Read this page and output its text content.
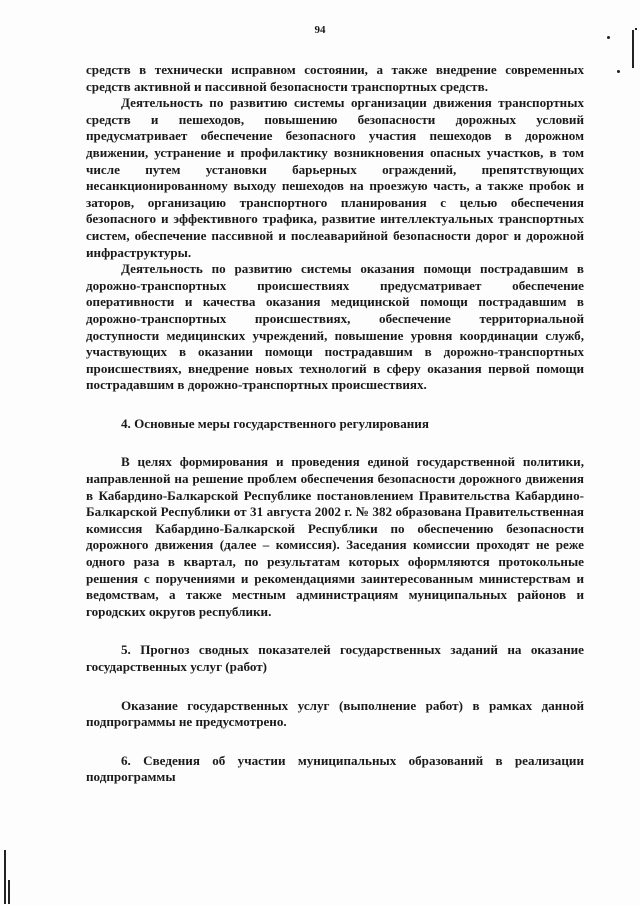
94

средств в технически исправном состоянии, а также внедрение современных средств активной и пассивной безопасности транспортных средств.

Деятельность по развитию системы организации движения транспортных средств и пешеходов, повышению безопасности дорожных условий предусматривает обеспечение безопасного участия пешеходов в дорожном движении, устранение и профилактику возникновения опасных участков, в том числе путем установки барьерных ограждений, препятствующих несанкционированному выходу пешеходов на проезжую часть, а также пробок и заторов, организацию транспортного планирования с целью обеспечения безопасного и эффективного трафика, развитие интеллектуальных транспортных систем, обеспечение пассивной и послеаварийной безопасности дорог и дорожной инфраструктуры.

Деятельность по развитию системы оказания помощи пострадавшим в дорожно-транспортных происшествиях предусматривает обеспечение оперативности и качества оказания медицинской помощи пострадавшим в дорожно-транспортных происшествиях, обеспечение территориальной доступности медицинских учреждений, повышение уровня координации служб, участвующих в оказании помощи пострадавшим в дорожно-транспортных происшествиях, внедрение новых технологий в сферу оказания первой помощи пострадавшим в дорожно-транспортных происшествиях.

4. Основные меры государственного регулирования

В целях формирования и проведения единой государственной политики, направленной на решение проблем обеспечения безопасности дорожного движения в Кабардино-Балкарской Республике постановлением Правительства Кабардино-Балкарской Республики от 31 августа 2002 г. № 382 образована Правительственная комиссия Кабардино-Балкарской Республики по обеспечению безопасности дорожного движения (далее – комиссия). Заседания комиссии проходят не реже одного раза в квартал, по результатам которых оформляются протокольные решения с поручениями и рекомендациями заинтересованным министерствам и ведомствам, а также местным администрациям муниципальных районов и городских округов республики.

5. Прогноз сводных показателей государственных заданий на оказание государственных услуг (работ)

Оказание государственных услуг (выполнение работ) в рамках данной подпрограммы не предусмотрено.

6. Сведения об участии муниципальных образований в реализации подпрограммы
